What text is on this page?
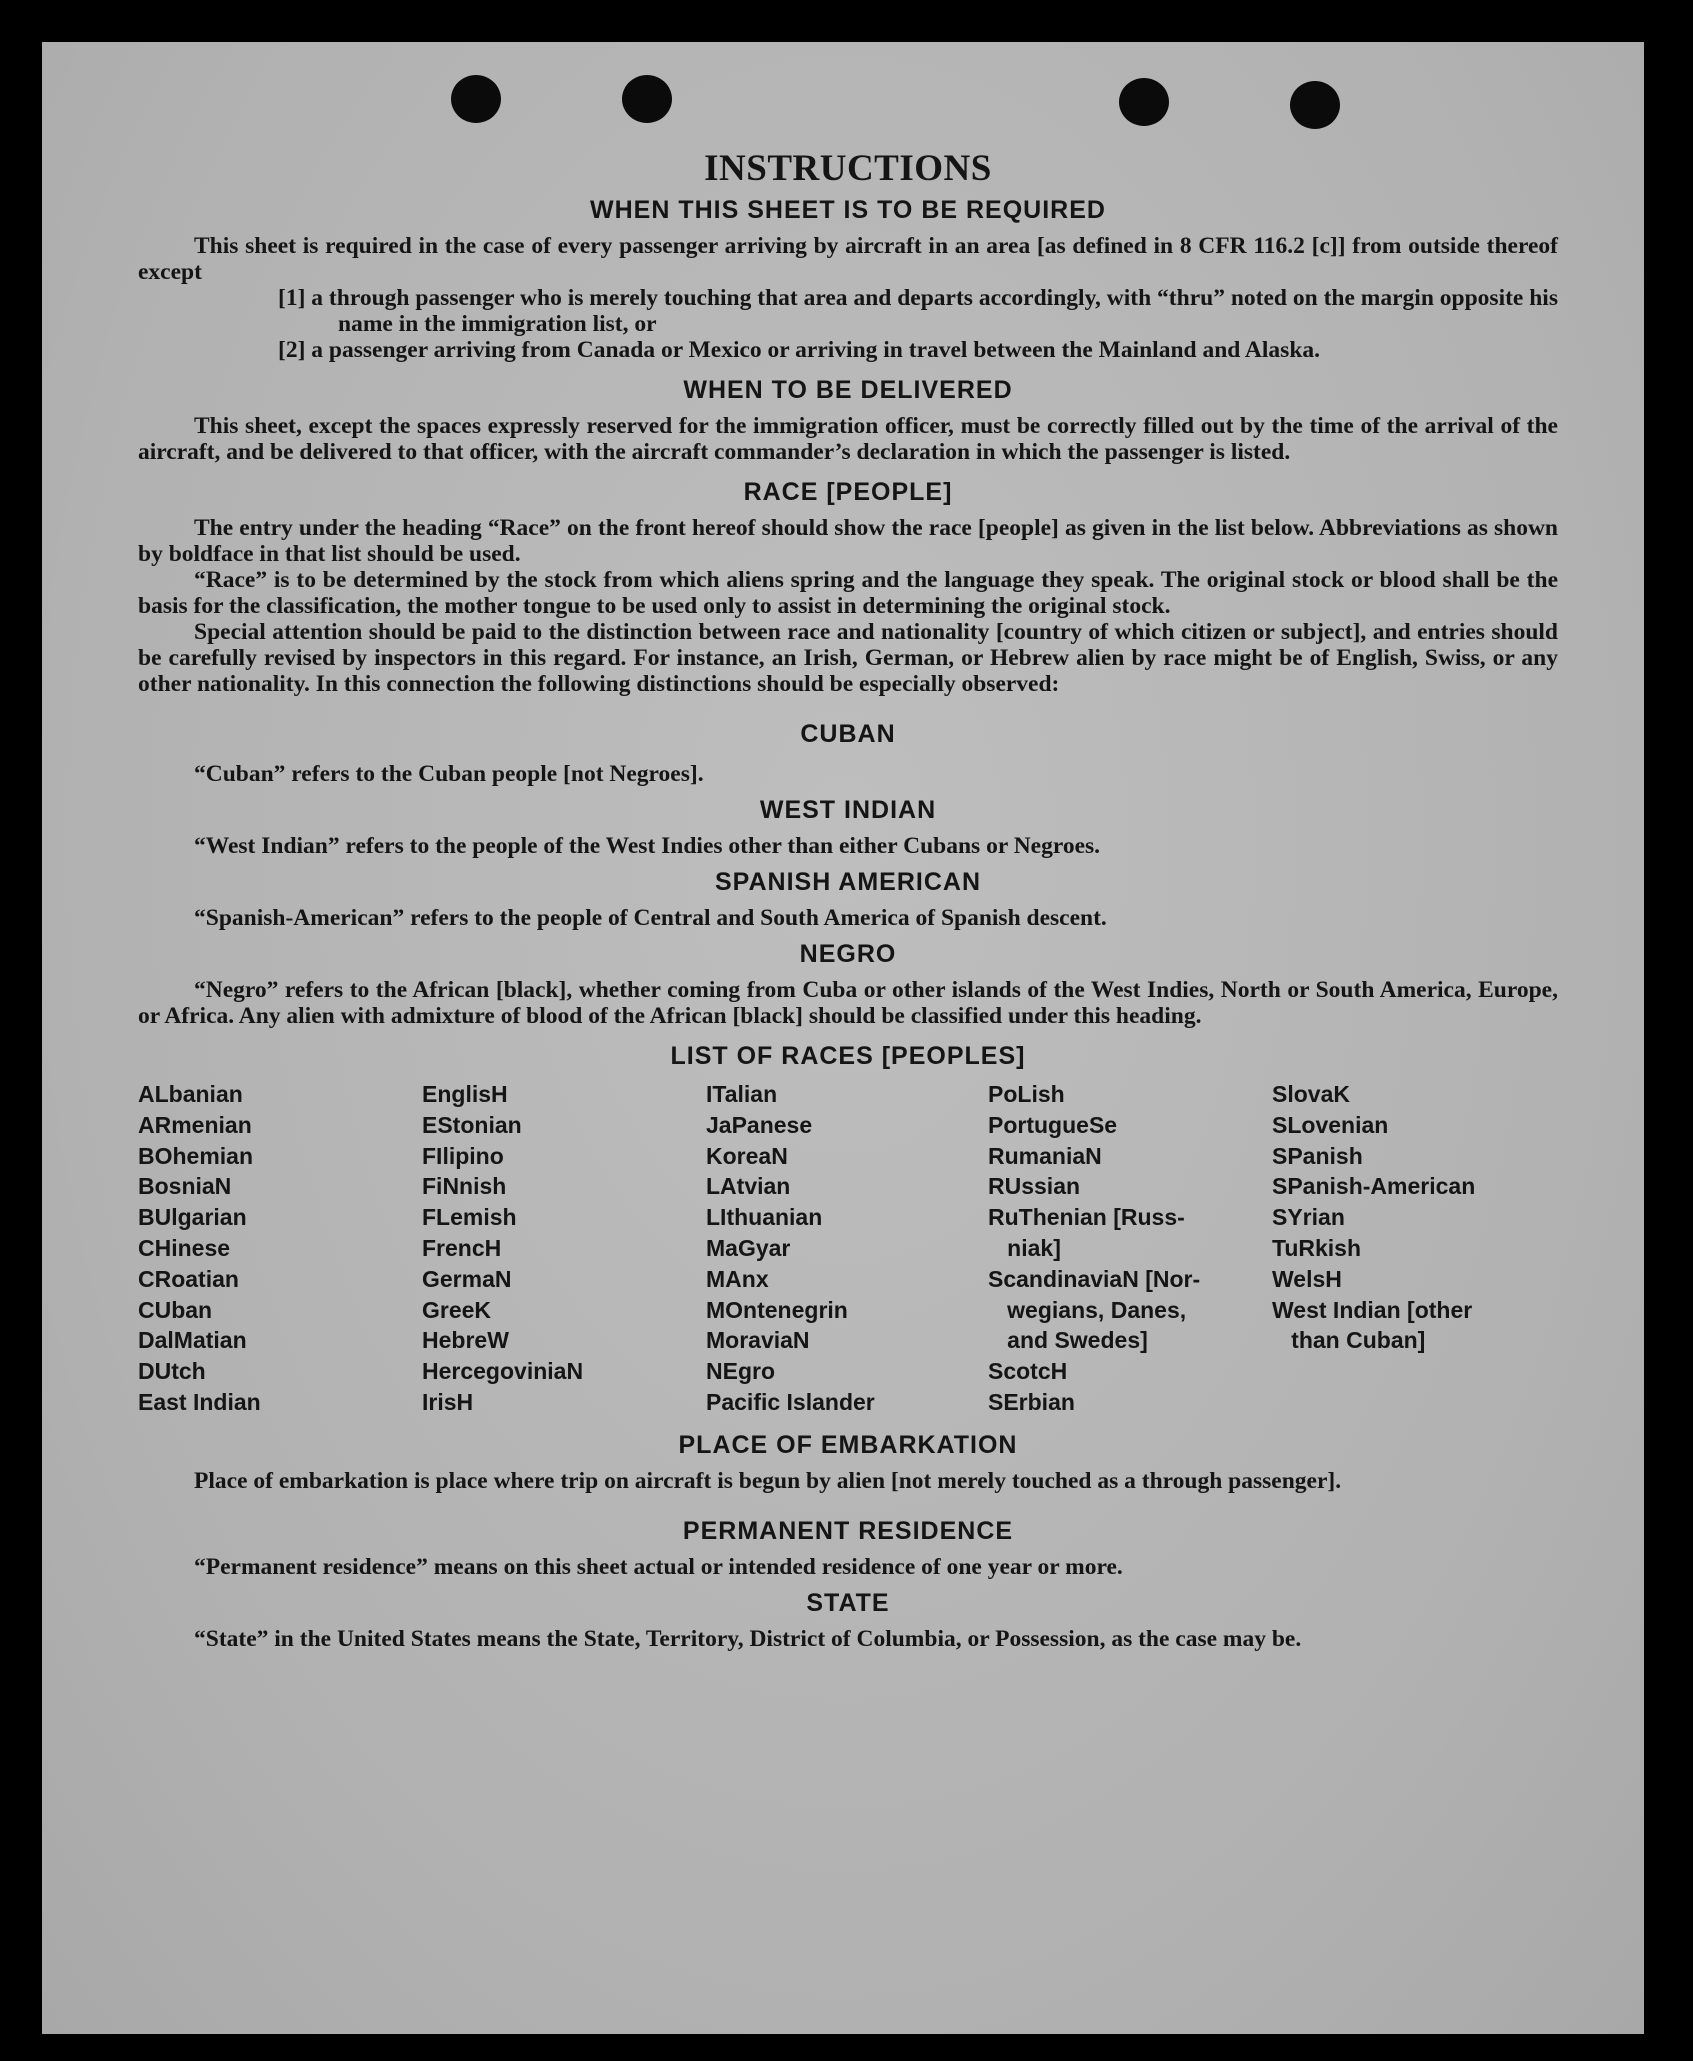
INSTRUCTIONS
WHEN THIS SHEET IS TO BE REQUIRED

This sheet is required in the case of every passenger arriving by aircraft in an area [as defined in 8 CFR 116.2 [c]] from outside thereof except

[1] a through passenger who is merely touching that area and departs accordingly, with “thru” noted on the margin opposite his name in the immigration list, or

[2] a passenger arriving from Canada or Mexico or arriving in travel between the Mainland and Alaska.

WHEN TO BE DELIVERED

This sheet, except the spaces expressly reserved for the immigration officer, must be correctly filled out by the time of the arrival of the aircraft, and be delivered to that officer, with the aircraft commander’s declaration in which the passenger is listed.

RACE [PEOPLE]

The entry under the heading “Race” on the front hereof should show the race [people] as given in the list below. Abbreviations as shown by boldface in that list should be used.

“Race” is to be determined by the stock from which aliens spring and the language they speak. The original stock or blood shall be the basis for the classification, the mother tongue to be used only to assist in determining the original stock.

Special attention should be paid to the distinction between race and nationality [country of which citizen or subject], and entries should be carefully revised by inspectors in this regard. For instance, an Irish, German, or Hebrew alien by race might be of English, Swiss, or any other nationality. In this connection the following distinctions should be especially observed:

CUBAN

“Cuban” refers to the Cuban people [not Negroes].

WEST INDIAN

“West Indian” refers to the people of the West Indies other than either Cubans or Negroes.

SPANISH AMERICAN

“Spanish-American” refers to the people of Central and South America of Spanish descent.

NEGRO

“Negro” refers to the African [black], whether coming from Cuba or other islands of the West Indies, North or South America, Europe, or Africa. Any alien with admixture of blood of the African [black] should be classified under this heading.

LIST OF RACES [PEOPLES]
ALbanian
ARmenian
BOhemian
BosniaN
BUlgarian
CHinese
CRoatian
CUban
DalMatian
DUtch
East Indian
EnglisH
EStonian
FIlipino
FiNnish
FLemish
FrencH
GermaN
GreeK
HebreW
HercegoviniaN
IrisH
ITalian
JaPanese
KoreaN
LAtvian
LIthuanian
MaGyar
MAnx
MOntenegrin
MoraviaN
NEgro
Pacific Islander
PoLish
PortugueSe
RumaniaN
RUssian
RuThenian [Russ-
niak]
ScandinaviaN [Nor-
wegians, Danes,
and Swedes]
ScotcH
SErbian
SlovaK
SLovenian
SPanish
SPanish-American
SYrian
TuRkish
WelsH
West Indian [other
than Cuban]
PLACE OF EMBARKATION

Place of embarkation is place where trip on aircraft is begun by alien [not merely touched as a through passenger].

PERMANENT RESIDENCE

“Permanent residence” means on this sheet actual or intended residence of one year or more.

STATE

“State” in the United States means the State, Territory, District of Columbia, or Possession, as the case may be.
